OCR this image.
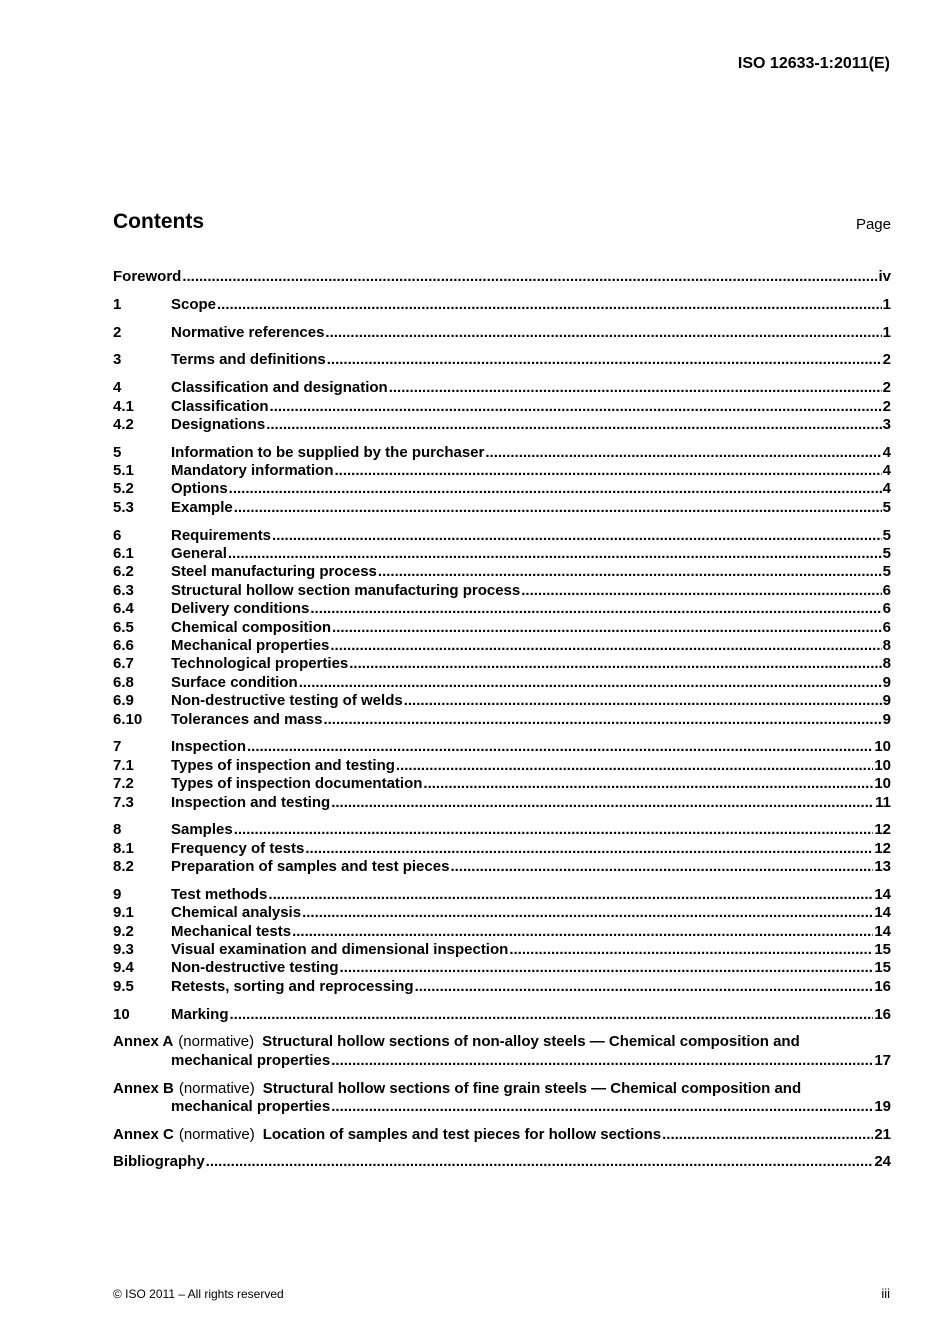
ISO 12633-1:2011(E)
Contents	Page
Foreword .....	iv
1	Scope .....	1
2	Normative references .....	1
3	Terms and definitions .....	2
4	Classification and designation .....	2
4.1	Classification .....	2
4.2	Designations .....	3
5	Information to be supplied by the purchaser .....	4
5.1	Mandatory information .....	4
5.2	Options .....	4
5.3	Example .....	5
6	Requirements .....	5
6.1	General .....	5
6.2	Steel manufacturing process .....	5
6.3	Structural hollow section manufacturing process .....	6
6.4	Delivery conditions .....	6
6.5	Chemical composition .....	6
6.6	Mechanical properties .....	8
6.7	Technological properties .....	8
6.8	Surface condition .....	9
6.9	Non-destructive testing of welds .....	9
6.10	Tolerances and mass .....	9
7	Inspection .....	10
7.1	Types of inspection and testing .....	10
7.2	Types of inspection documentation .....	10
7.3	Inspection and testing .....	11
8	Samples .....	12
8.1	Frequency of tests .....	12
8.2	Preparation of samples and test pieces .....	13
9	Test methods .....	14
9.1	Chemical analysis .....	14
9.2	Mechanical tests .....	14
9.3	Visual examination and dimensional inspection .....	15
9.4	Non-destructive testing .....	15
9.5	Retests, sorting and reprocessing .....	16
10	Marking .....	16
Annex A (normative) Structural hollow sections of non-alloy steels — Chemical composition and
mechanical properties .....	17
Annex B (normative) Structural hollow sections of fine grain steels — Chemical composition and
mechanical properties .....	19
Annex C (normative) Location of samples and test pieces for hollow sections .....	21
Bibliography .....	24
© ISO 2011 – All rights reserved	iii
